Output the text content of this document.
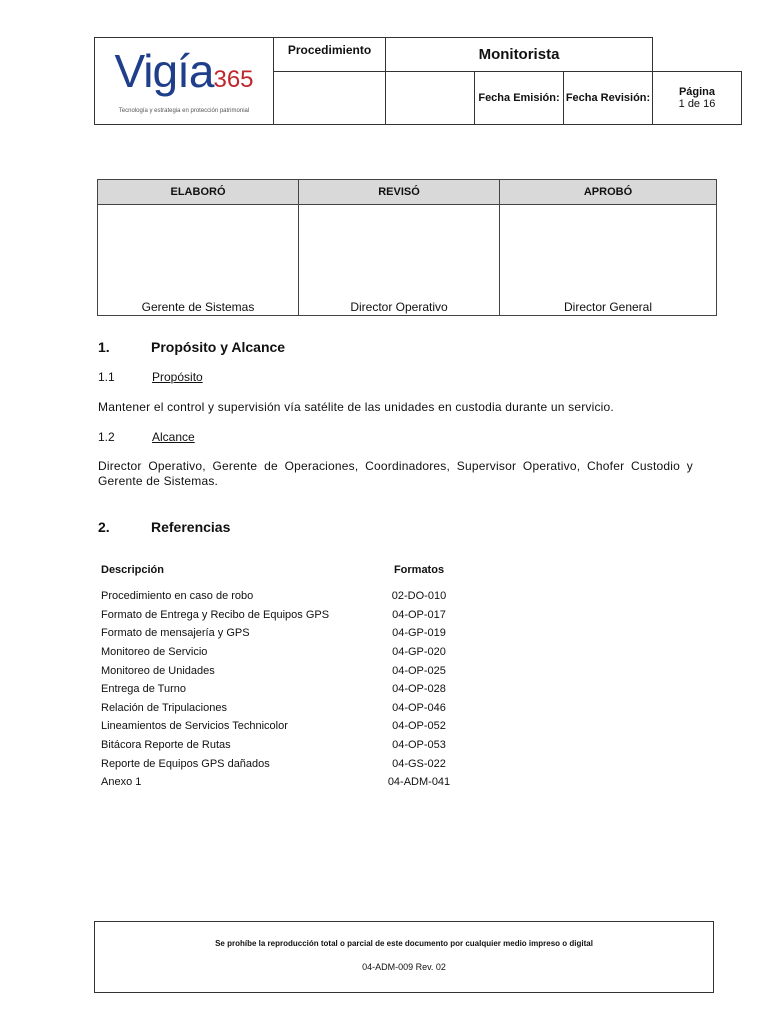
Vigía365
Tecnología y estrategia en protección patrimonial	Procedimiento	Monitorista			
			Fecha Emisión:	Fecha Revisión:	Página
1 de 16
ELABORÓ	REVISÓ	APROBÓ
Gerente de Sistemas	Director Operativo	Director General
1.	Propósito y Alcance
1.1	Propósito
Mantener el control y supervisión vía satélite de las unidades en custodia durante un servicio.
1.2	Alcance
Director Operativo, Gerente de Operaciones, Coordinadores, Supervisor Operativo, Chofer Custodio y Gerente de Sistemas.
2.	Referencias
Descripción	Formatos
Procedimiento en caso de robo	02-DO-010
Formato de Entrega y Recibo de Equipos GPS	04-OP-017
Formato de mensajería y GPS	04-GP-019
Monitoreo de Servicio	04-GP-020
Monitoreo de Unidades	04-OP-025
Entrega de Turno	04-OP-028
Relación de Tripulaciones	04-OP-046
Lineamientos de Servicios Technicolor	04-OP-052
Bitácora Reporte de Rutas	04-OP-053
Reporte de Equipos GPS dañados	04-GS-022
Anexo 1	04-ADM-041
Se prohíbe la reproducción total o parcial de este documento por cualquier medio impreso o digital
04-ADM-009 Rev. 02
